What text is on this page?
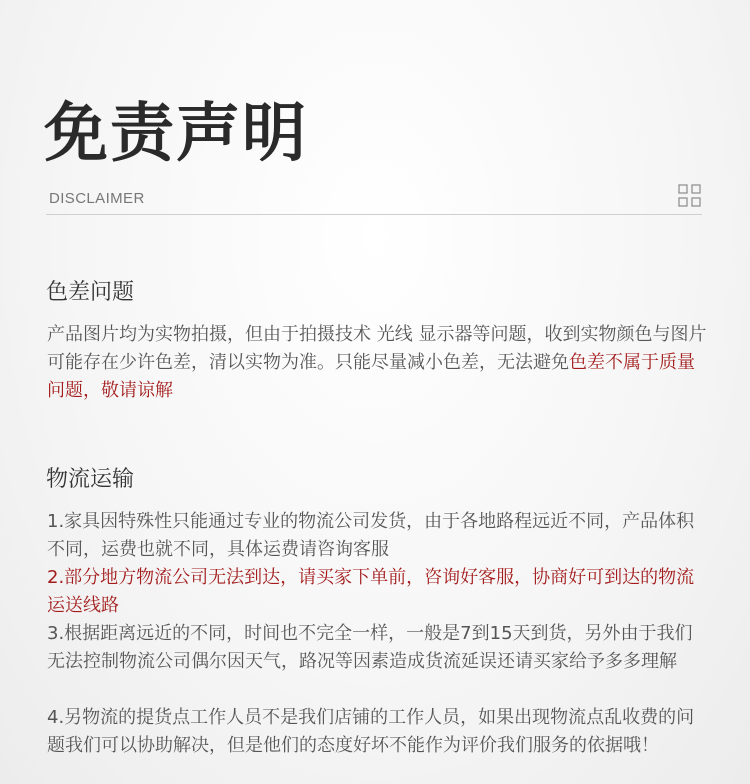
免责声明
DISCLAIMER
色差问题

产品图片均为实物拍摄，但由于拍摄技术 光线 显示器等问题，收到实物颜色与图片可能存在少许色差，清以实物为准。只能尽量减小色差，无法避免色差不属于质量问题，敬请谅解

物流运输

1.家具因特殊性只能通过专业的物流公司发货，由于各地路程远近不同，产品体积不同，运费也就不同，具体运费请咨询客服

2.部分地方物流公司无法到达，请买家下单前，咨询好客服，协商好可到达的物流运送线路

3.根据距离远近的不同，时间也不完全一样，一般是7到15天到货，另外由于我们无法控制物流公司偶尔因天气，路况等因素造成货流延误还请买家给予多多理解

4.另物流的提货点工作人员不是我们店铺的工作人员，如果出现物流点乱收费的问题我们可以协助解决，但是他们的态度好坏不能作为评价我们服务的依据哦！
